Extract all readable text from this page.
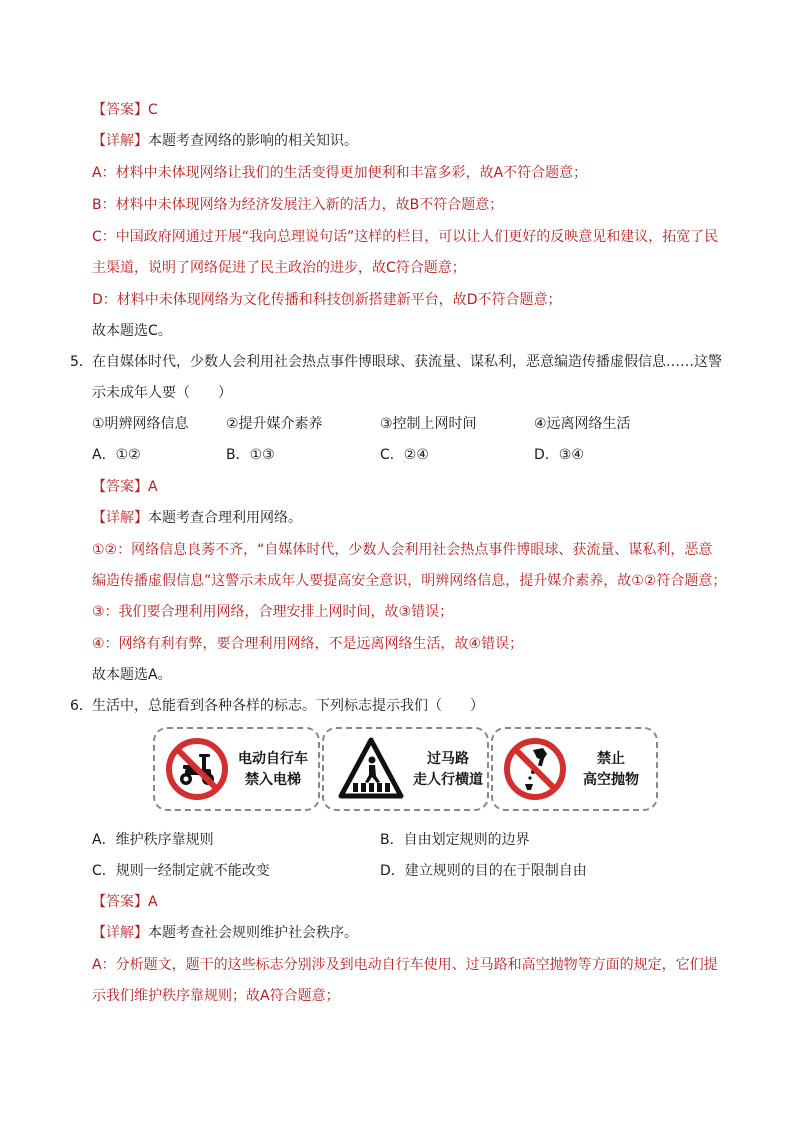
【答案】C
【详解】本题考查网络的影响的相关知识。
A：材料中未体现网络让我们的生活变得更加便利和丰富多彩，故A不符合题意；
B：材料中未体现网络为经济发展注入新的活力，故B不符合题意；
C：中国政府网通过开展“我向总理说句话”这样的栏目，可以让人们更好的反映意见和建议，拓宽了民
主渠道，说明了网络促进了民主政治的进步，故C符合题意；
D：材料中未体现网络为文化传播和科技创新搭建新平台，故D不符合题意；
故本题选C。
5． 在自媒体时代，少数人会利用社会热点事件博眼球、获流量、谋私利，恶意编造传播虚假信息……这警
示未成年人要（　　）
①明辨网络信息	②提升媒介素养	③控制上网时间	④远离网络生活
A．①②	B．①③	C．②④	D．③④
【答案】A
【详解】本题考查合理利用网络。
①②：网络信息良莠不齐，“自媒体时代，少数人会利用社会热点事件博眼球、获流量、谋私利，恶意
编造传播虚假信息”这警示未成年人要提高安全意识，明辨网络信息，提升媒介素养，故①②符合题意；
③：我们要合理利用网络，合理安排上网时间，故③错误；
④：网络有利有弊，要合理利用网络，不是远离网络生活，故④错误；
故本题选A。
6． 生活中，总能看到各种各样的标志。下列标志提示我们（　　）
电动自行车
禁入电梯
过马路
走人行横道
禁止
高空抛物
A．维护秩序靠规则	B．自由划定规则的边界
C．规则一经制定就不能改变	D．建立规则的目的在于限制自由
【答案】A
【详解】本题考查社会规则维护社会秩序。
A：分析题文，题干的这些标志分别涉及到电动自行车使用、过马路和高空抛物等方面的规定，它们提
示我们维护秩序靠规则；故A符合题意；
